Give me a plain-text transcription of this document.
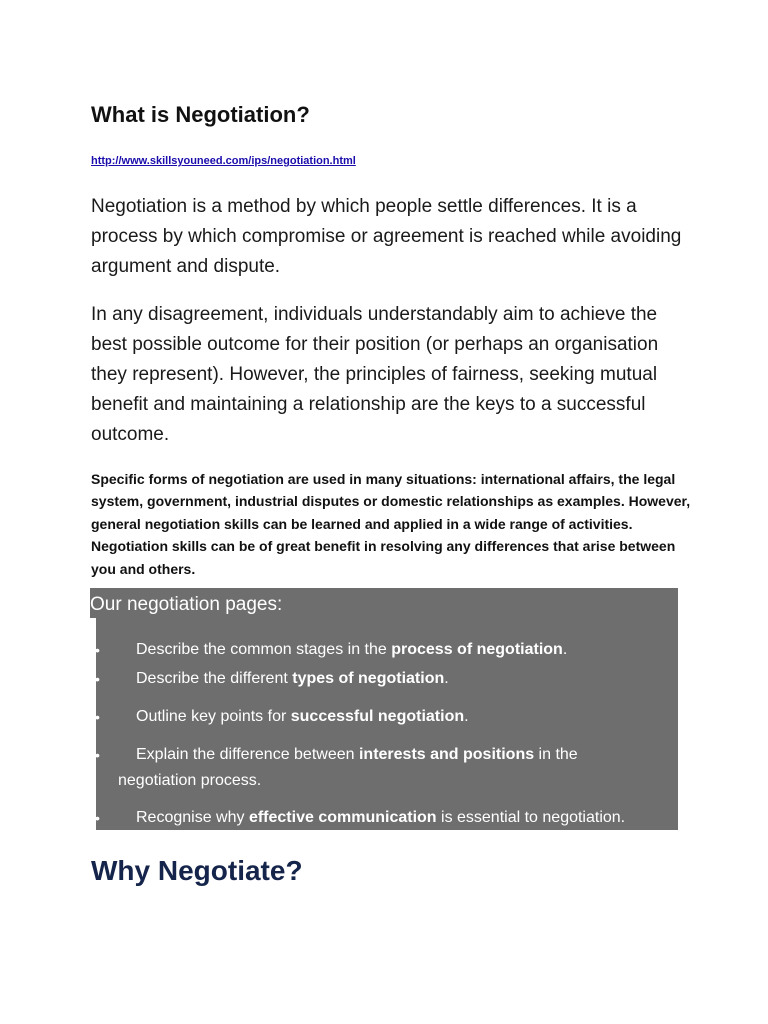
What is Negotiation?
http://www.skillsyouneed.com/ips/negotiation.html

Negotiation is a method by which people settle differences. It is a process by which compromise or agreement is reached while avoiding argument and dispute.

In any disagreement, individuals understandably aim to achieve the best possible outcome for their position (or perhaps an organisation they represent). However, the principles of fairness, seeking mutual benefit and maintaining a relationship are the keys to a successful outcome.

Specific forms of negotiation are used in many situations: international affairs, the legal system, government, industrial disputes or domestic relationships as examples. However, general negotiation skills can be learned and applied in a wide range of activities. Negotiation skills can be of great benefit in resolving any differences that arise between you and others.

Our negotiation pages:
•	Describe the common stages in the process of negotiation.
•	Describe the different types of negotiation.
•	Outline key points for successful negotiation.
•	Explain the difference between interests and positions in the
negotiation process.
•	Recognise why effective communication is essential to negotiation.
Why Negotiate?
